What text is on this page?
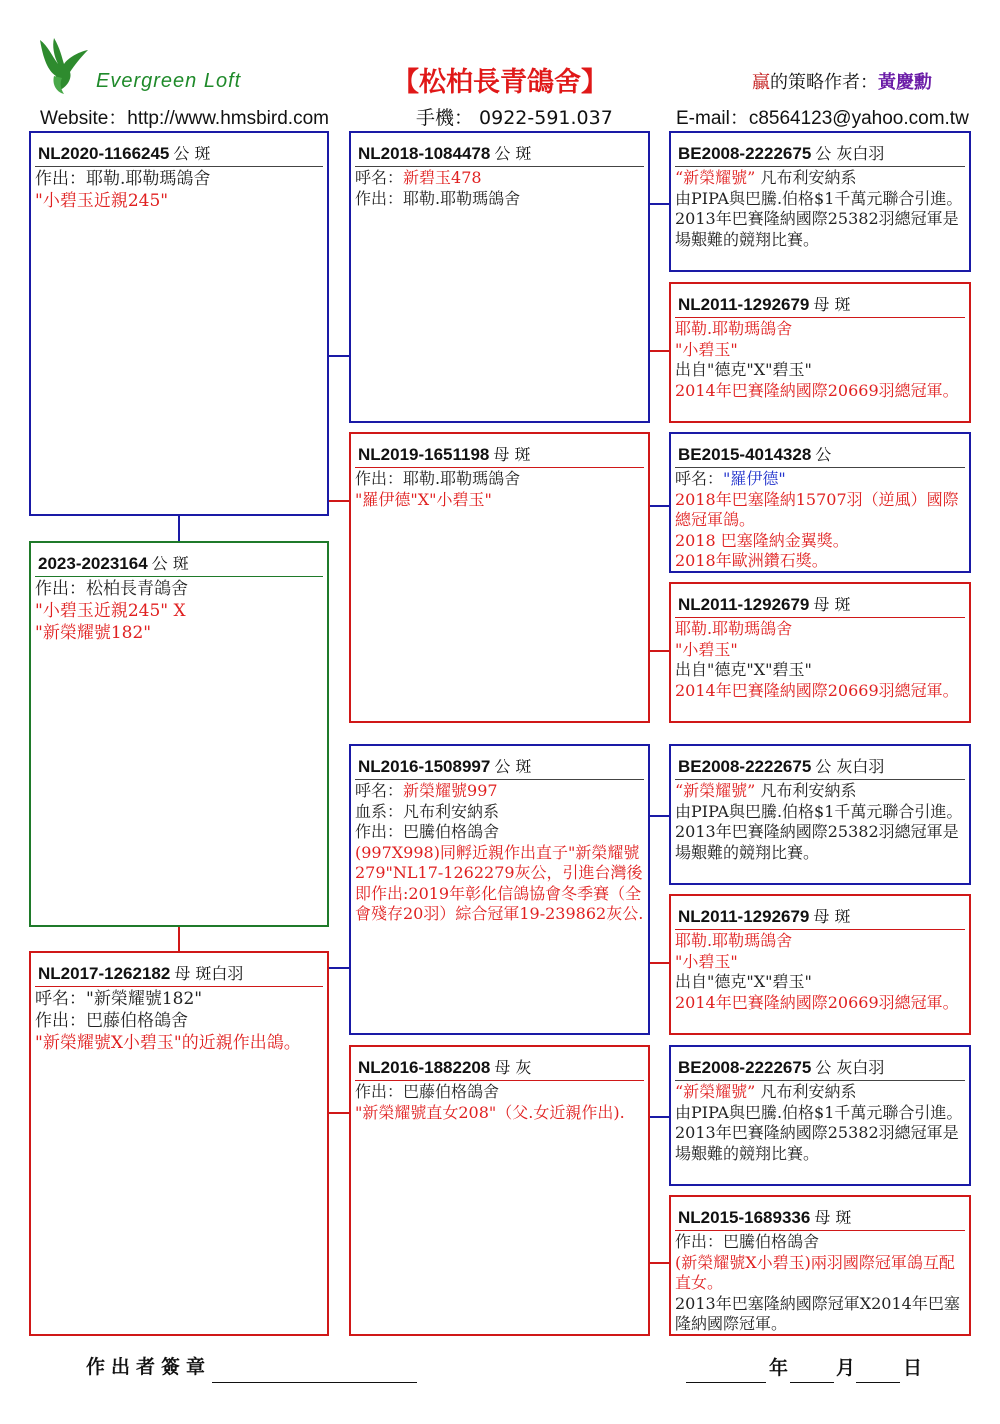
Evergreen Loft	【松柏長青鴿舍】	贏的策略作者：黃慶勳
Website：http://www.hmsbird.com	手機： 0922-591.037	E-mail：c8564123@yahoo.com.tw
NL2020-1166245 公 斑
作出：耶勒.耶勒瑪鴿舍
"小碧玉近親245"
2023-2023164 公 斑
作出：松柏長青鴿舍
"小碧玉近親245" X
"新榮耀號182"
NL2017-1262182 母 斑白羽
呼名："新榮耀號182"
作出：巴藤伯格鴿舍
"新榮耀號X小碧玉"的近親作出鴿。
NL2018-1084478 公 斑
呼名：新碧玉478
作出：耶勒.耶勒瑪鴿舍
NL2019-1651198 母 斑
作出：耶勒.耶勒瑪鴿舍
"羅伊德"X"小碧玉"
NL2016-1508997 公 斑
呼名：新榮耀號997
血系：凡布利安納系
作出：巴騰伯格鴿舍
(997X998)同孵近親作出直子"新榮耀號279"NL17-1262279灰公，引進台灣後即作出:2019年彰化信鴿協會冬季賽（全會殘存20羽）綜合冠軍19-239862灰公.
NL2016-1882208 母 灰
作出：巴藤伯格鴿舍
"新榮耀號直女208"（父.女近親作出).
BE2008-2222675 公 灰白羽
“新榮耀號” 凡布利安納系
由PIPA與巴騰.伯格$1千萬元聯合引進。
2013年巴賽隆納國際25382羽總冠軍是場艱難的競翔比賽。
NL2011-1292679 母 斑
耶勒.耶勒瑪鴿舍
"小碧玉"
出自"德克"X"碧玉"
2014年巴賽隆納國際20669羽總冠軍。
BE2015-4014328 公
呼名："羅伊德"
2018年巴塞隆納15707羽（逆風）國際總冠軍鴿。
2018 巴塞隆納金翼獎。
2018年歐洲鑽石獎。
NL2011-1292679 母 斑
耶勒.耶勒瑪鴿舍
"小碧玉"
出自"德克"X"碧玉"
2014年巴賽隆納國際20669羽總冠軍。
BE2008-2222675 公 灰白羽
“新榮耀號” 凡布利安納系
由PIPA與巴騰.伯格$1千萬元聯合引進。
2013年巴賽隆納國際25382羽總冠軍是場艱難的競翔比賽。
NL2011-1292679 母 斑
耶勒.耶勒瑪鴿舍
"小碧玉"
出自"德克"X"碧玉"
2014年巴賽隆納國際20669羽總冠軍。
BE2008-2222675 公 灰白羽
“新榮耀號” 凡布利安納系
由PIPA與巴騰.伯格$1千萬元聯合引進。
2013年巴賽隆納國際25382羽總冠軍是場艱難的競翔比賽。
NL2015-1689336 母 斑
作出：巴騰伯格鴿舍
(新榮耀號X小碧玉)兩羽國際冠軍鴿互配直女。
2013年巴塞隆納國際冠軍X2014年巴塞隆納國際冠軍。
作出者簽章	年	月	日
